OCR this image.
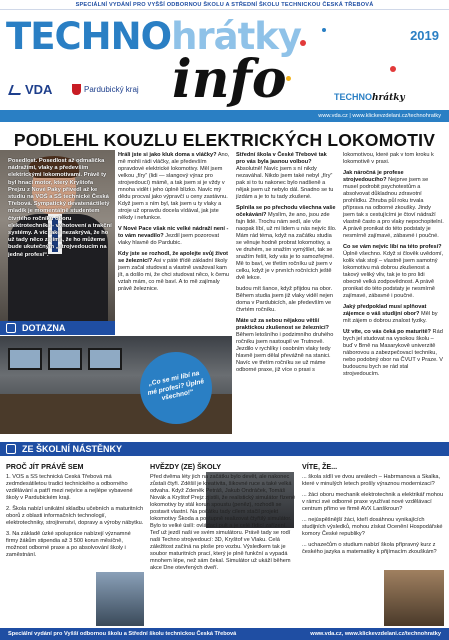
SPECIÁLNÍ VYDÁNÍ PRO VYŠŠÍ ODBORNOU ŠKOLU A STŘEDNÍ ŠKOLU TECHNICKOU ČESKÁ TŘEBOVÁ
TECHNOhrátky
info
2019
VDA	Pardubický kraj
TECHNOhrátky
www.vda.cz | www.klickevzdelani.cz/technohratky
PODLEHL KOUZLU ELEKTRICKÝCH LOKOMOTIV
Posedlost. Posedlost až odmalička nádražími, vlaky a především elektrickými lokomotivami. Právě ty byl hnací motor, který Kryštofa Prejzu z Nové Paky přivedl až ke studiu na VOŠ a SŠ technické Česká Třebová. Sympatický devatenáctiletý mladík je momentálně studentem čtvrtého ročníku oboru elektrotechnika - vyhotovení a trakční systémy. A víc také nezakrývá, že ho už tady něco zajímá, že ho můžeme bude ukutečným „strojvedoucím na jedné profesi“.
DOTAZNA

Hráli jste si jako kluk doma s vláčky? Ano, mě mohli rádi vláčky, ale především opravdové elektrické lokomotivy. Měl jsem velkou „fíry“ (lidi — slangový výraz pro strojvedoucí) mámě, a tak jsem si je vždy v mnoha vidět i jeho úplně blízko. Navíc mý dědu procval jako výpravčí u ceny zastávnu. Když jsem s ním byl, tak jsem u ty vlaky a stroje už opravdu docela vídával, jak jste někdy i nefunkce.

V Nové Pace však nic velké nádraží není - to vám nevadilo? Jezdil jsem pozorovat vlaky hlavně do Pardubic.

Kdy jste se rozhodl, že apolejte svůj život se železnicí? Asi v páté třídě základní školy jsem začal studovat a vlastně uvažoval kam jít, a došlo mi, že chci studovat něco, k čemu vztah mám, co mě baví. A to mě zajímaly právě železnice.

„Co se mi líbí na mé profesi? Úplně všechno!“

Střední škola v České Třebové tak pro vás byla jasnou volbou? Absolutně! Navíc jsem s ní nikdy nezaváhal. Nikdo jsem také nebyl „fíry“ pak si to tu nakonec bylo nadšeně a nějak jsem už nebylo dál. Snadno se tu jízdám a je to tu tady zkušené.

Splnila se po přechodu všechna vaše očekávání? Myslím, že ano, jsou zde fajn lidé. Trochu nám sedí, ale vše naopak líbí, už mi lidem u nás nejvíc šlo. Mám rád téma, když na začátku studia se věnuje hodně probrat lokomotivy, a ve druhém, se snažím vymýšlet, tak se snažím řešit, kdy vás je to samozřejmé. Mě to baví, ve třetím ročníku už jsem v celku, když je v prvních ročnících ještě dvě lekce.

budou mít šance, když přijdou na obor. Během studia jsem již vlaky viděl nejen doma v Pardubicích, ale především ve čtvrtém ročníku.

Máte už za sebou nějakou větší praktickou zkušenost se železnicí? Během letošního i podzimního druhého ročníku jsem nastoupil ve Trutnově. Jezdilo v rychlíky i osobním vlaky tedy hlavně jsem dělal převážně na stanici. Navíc ve třetím ročníku se už máme odborné praxe, již více o praxi s lokomotivou, které pak v tom kroku k lokomotivě v praxi.

Jak náročná je profese strojvedoucího? Nejprve jsem se musel podrobit psychotestům a absolvovat důkladnou zdravotní prohlídku. Zhruba půl roku trvala příprava na odborné zkoušky. Jindy jsem tak s cestujícími je čtoví nádraží vlastně často a pro vlaky nepochopitelní. A právě pronikat do této podstaty je nesmírně zajímavé, zábavné i poučné.

Co se vám nejvíc líbí na této profesi? Úplně všechno. Když si člověk uvědomí, kolik vlak stojí – vlastně jsem samotný lokomotivu má dobrou zkušenost a takový veliký vliv, tak je to pro lidi obecně velká zodpovědnost. A právě pronikat do této podstaty je nesmírně zajímavé, zábavné i poučné.

Jaký předpoklad musí splňovat zájemce o váš studijní obor? Měl by mít zájem o dobrou znalost fyziky.

Už víte, co vás čeká po maturitě? Rád bych jel studovat na vysokou školu – buď v Brně na Masarykově univerzitě náborovou a zabezpečovací techniku, nebo podobný obor na ČVUT v Praze. V budoucnu bych se rád stal strojvedoucím.

ZE ŠKOLNÍ NÁSTĚNKY
PROČ JÍT PRÁVĚ SEM

1. VOŠ a SŠ technická Česká Třebová má zedmdesátiletou tradici technického a odborného vzdělávání a patří mezi nejvíce a nejlépe vybavené školy v Pardubickém kraji.

2. Škola nabízí unikátní skladbu učebních a maturitních oborů z oblasti informačních technologií, elektrotechniky, strojírenství, dopravy a výroby nábytku.

3. Na základě úzké spolupráce nabízejí významné firmy žákům stipendia až 3 500 korun měsíčně, možnost odborné praxe a po absolvování školy i zaměstnání.

HVĚZDY (ZE) ŠKOLY

Před dvěma léty jich na začátku bylo devět, ale nakonec zůstali čtyři. Zděšil je kreativita, šikovné ruce a také velká odvaha. Když Zdeněk Petráš, Jakub Ondráček, Tomáš Novák a Kryštof Prejz zjistili, že realistický simulátor řízené lokomotivy by stál korun spoustu (peněz), rozhodli se postavit vlastní. Na počátku tady cílem stačil projekt lokomotivy Škoda a postupně realizovat čtyřtilý simulátor. Bylo to velké úsilí: ovládací pult a je celé řídicí zařízení. Teď už jezdí naši ve svém simulátoru. Právě tady se rodí naši Techno strojvedoucí: 3D, Kryštof ve Vlaku. Celá záležitost začíná na ploše pro vozbu. Výsledkem tak je soubor maturitních prací, který je plně funkční a vypadá mnohem lépe, než sám čekal. Simulátor už ukáží během akce Dne otevřených dveří.

VÍTE, ŽE...

... škola sídlí ve dvou areálech – Habrmanova a Skalka, které v minulých letech prošly výraznou modernizací?

... žáci oboru mechanik elektrotechnik a elektrikář mohou v rámci své odborné praxe využívat nové vzdělávací centrum přímo ve firmě AVX Lanškroun?

... nejúspěšnější žáci, kteří dosáhnou vynikajících studijních výsledků, mohou získat Ocenění Hospodářské komory České republiky?

... uchazečům o studium nabízí škola přípravný kurz z českého jazyka a matematiky k přijímacím zkouškám?

Speciální vydání pro Vyšší odbornou školu a Střední školu technickou Česká Třebová	www.vda.cz, www.klickevzdelani.cz/technohratky
